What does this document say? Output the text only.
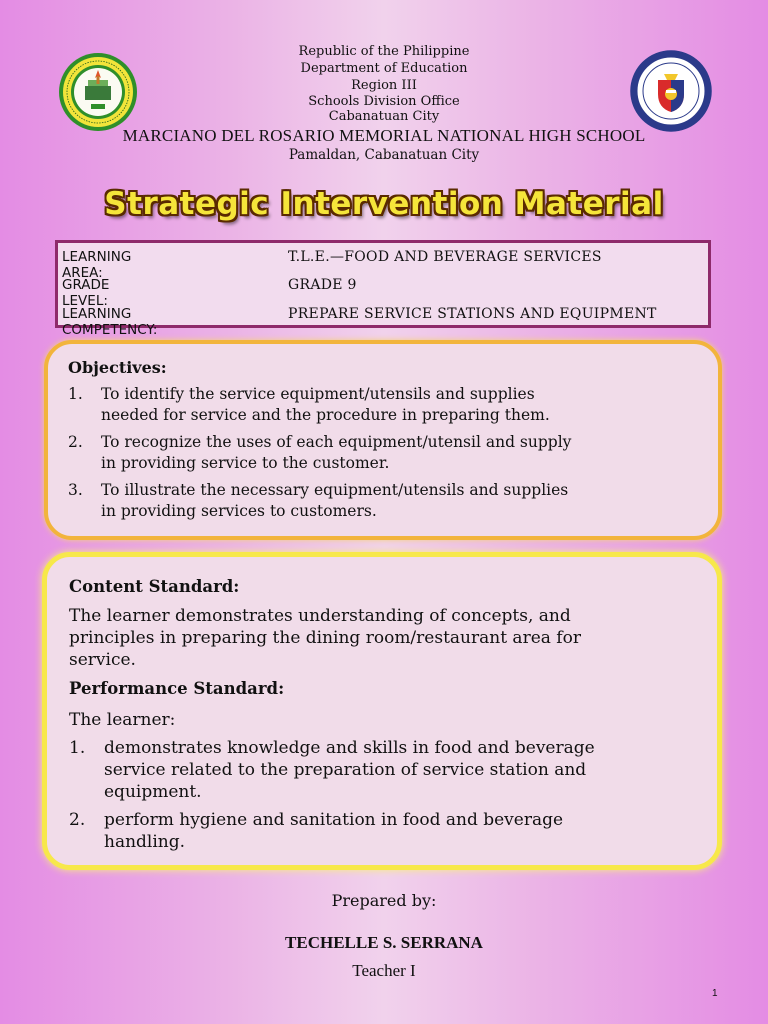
Republic of the Philippine
Department of Education
Region III
Schools Division Office
Cabanatuan City
MARCIANO DEL ROSARIO MEMORIAL NATIONAL HIGH SCHOOL
Pamaldan, Cabanatuan City
Strategic Intervention Material
LEARNING AREA:
T.L.E.—FOOD AND BEVERAGE SERVICES
GRADE LEVEL:
GRADE 9
LEARNING COMPETENCY:
PREPARE SERVICE STATIONS AND EQUIPMENT
Objectives:
1. To identify the service equipment/utensils and supplies
needed for service and the procedure in preparing them.
2. To recognize the uses of each equipment/utensil and supply
in providing service to the customer.
3. To illustrate the necessary equipment/utensils and supplies
in providing services to customers.
Content Standard:
The learner demonstrates understanding of concepts, and
principles in preparing the dining room/restaurant area for
service.
Performance Standard:
The learner:
1. demonstrates knowledge and skills in food and beverage
service related to the preparation of service station and
equipment.
2. perform hygiene and sanitation in food and beverage
handling.
Prepared by:
TECHELLE S. SERRANA
Teacher I
1
